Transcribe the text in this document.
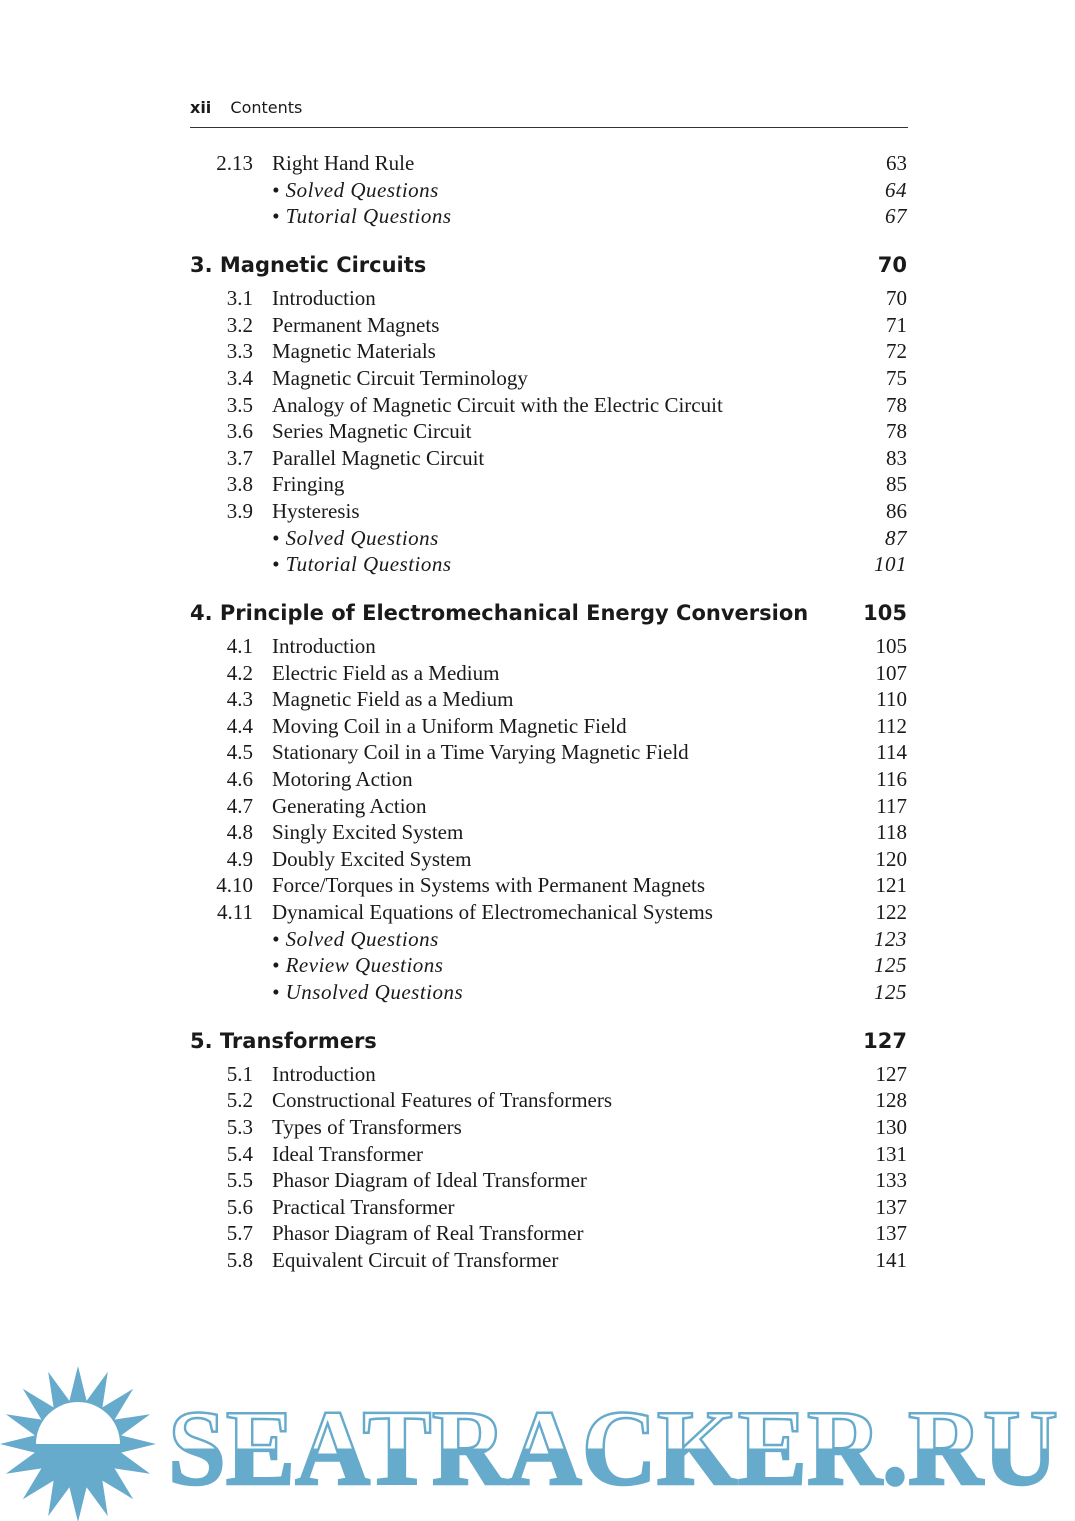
xii Contents
2.13 Right Hand Rule	63
• Solved Questions	64
• Tutorial Questions	67
3. Magnetic Circuits	70
3.1 Introduction	70
3.2 Permanent Magnets	71
3.3 Magnetic Materials	72
3.4 Magnetic Circuit Terminology	75
3.5 Analogy of Magnetic Circuit with the Electric Circuit	78
3.6 Series Magnetic Circuit	78
3.7 Parallel Magnetic Circuit	83
3.8 Fringing	85
3.9 Hysteresis	86
• Solved Questions	87
• Tutorial Questions	101
4. Principle of Electromechanical Energy Conversion	105
4.1 Introduction	105
4.2 Electric Field as a Medium	107
4.3 Magnetic Field as a Medium	110
4.4 Moving Coil in a Uniform Magnetic Field	112
4.5 Stationary Coil in a Time Varying Magnetic Field	114
4.6 Motoring Action	116
4.7 Generating Action	117
4.8 Singly Excited System	118
4.9 Doubly Excited System	120
4.10 Force/Torques in Systems with Permanent Magnets	121
4.11 Dynamical Equations of Electromechanical Systems	122
• Solved Questions	123
• Review Questions	125
• Unsolved Questions	125
5. Transformers	127
5.1 Introduction	127
5.2 Constructional Features of Transformers	128
5.3 Types of Transformers	130
5.4 Ideal Transformer	131
5.5 Phasor Diagram of Ideal Transformer	133
5.6 Practical Transformer	137
5.7 Phasor Diagram of Real Transformer	137
5.8 Equivalent Circuit of Transformer	141
SEATRACKER.RU
